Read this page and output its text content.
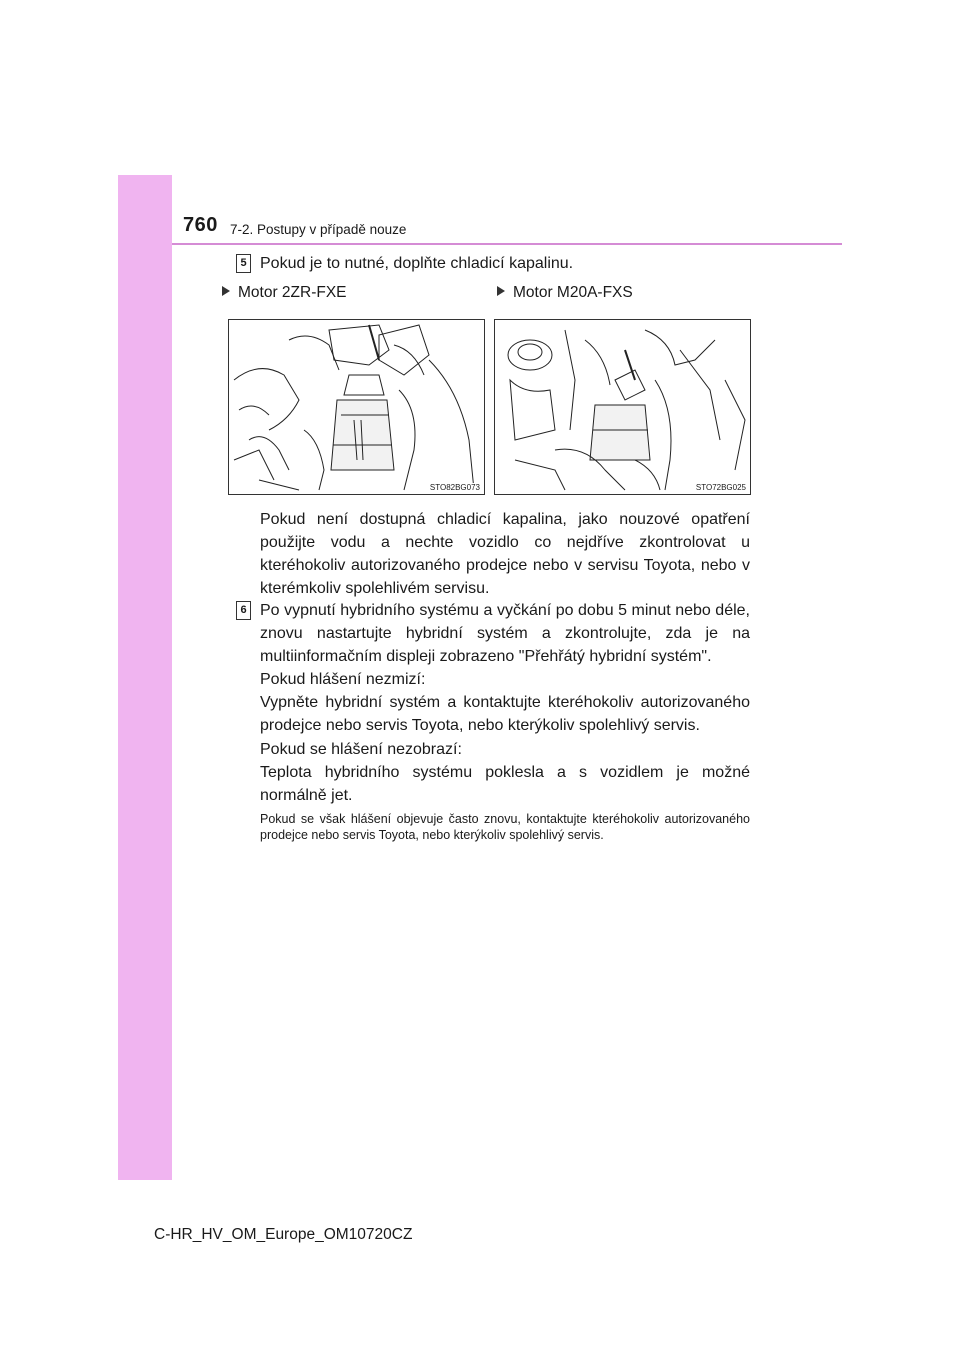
760 7-2. Postupy v případě nouze
5 Pokud je to nutné, doplňte chladicí kapalinu.
Motor 2ZR-FXE	Motor M20A-FXS
STO82BG073	STO72BG025
Pokud není dostupná chladicí kapalina, jako nouzové opatření použijte vodu a nechte vozidlo co nejdříve zkontrolovat u kteréhokoliv autorizovaného prodejce nebo v servisu Toyota, nebo v kterémkoliv spolehlivém servisu.
6 Po vypnutí hybridního systému a vyčkání po dobu 5 minut nebo déle, znovu nastartujte hybridní systém a zkontrolujte, zda je na multiinformačním displeji zobrazeno "Přehřátý hybridní systém".
Pokud hlášení nezmizí:
Vypněte hybridní systém a kontaktujte kteréhokoliv autorizovaného prodejce nebo servis Toyota, nebo kterýkoliv spolehlivý servis.
Pokud se hlášení nezobrazí:
Teplota hybridního systému poklesla a s vozidlem je možné normálně jet.
Pokud se však hlášení objevuje často znovu, kontaktujte kteréhokoliv autorizovaného prodejce nebo servis Toyota, nebo kterýkoliv spolehlivý servis.
C-HR_HV_OM_Europe_OM10720CZ
